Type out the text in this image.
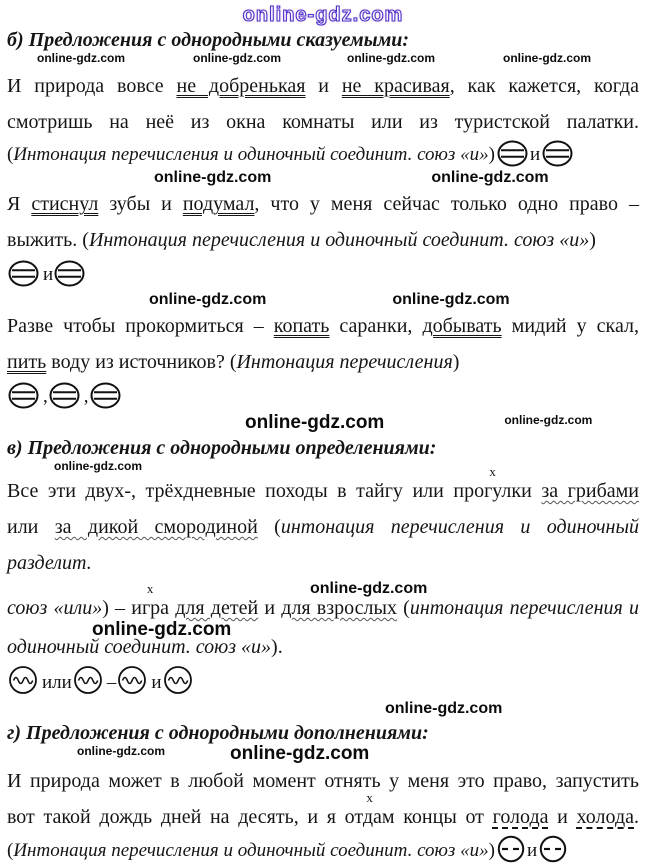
online-gdz.com
б) Предложения с однородными сказуемыми:
online-gdz.com	online-gdz.com	online-gdz.com	online-gdz.com
И природа вовсе не добренькая и не красивая, как кажется, когда
смотришь на неё из окна комнаты или из туристской палатки.
(Интонация перечисления и одиночный соединит. союз «и») и
online-gdz.com	online-gdz.com
Я стиснул зубы и подумал, что у меня сейчас только одно право –
выжить. (Интонация перечисления и одиночный соединит. союз «и»)
и
online-gdz.com	online-gdz.com
Разве чтобы прокормиться – копать саранки, добывать мидий у скал,
пить воду из источников? (Интонация перечисления)
, ,
online-gdz.com	online-gdz.com
в) Предложения с однородными определениями:
online-gdz.com
Все эти двух-, трёхдневные походы в тайгу или прогулки
x
за грибами
или за дикой смородиной (интонация перечисления и одиночный разделит.
online-gdz.com
союз «или») – игра
x
для детей и для взрослых (интонация перечисления и
online-gdz.com
одиночный соединит. союз «и»).
или – и
online-gdz.com
г) Предложения с однородными дополнениями:
online-gdz.com	online-gdz.com
И природа может в любой момент отнять у меня это право, запустить
вот такой дождь дней на десять, и я отдам
x
концы от голода и холода.
(Интонация перечисления и одиночный соединит. союз «и») и
